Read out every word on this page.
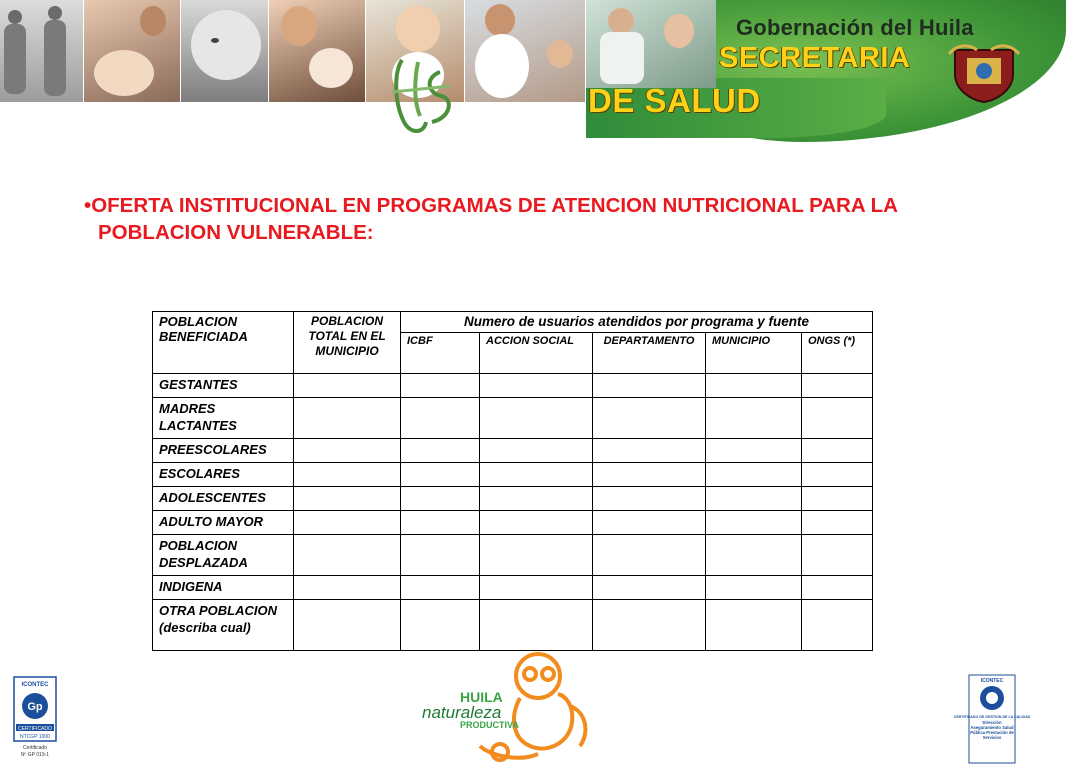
Gobernación del Huila
SECRETARIA
DE SALUD
•OFERTA INSTITUCIONAL EN PROGRAMAS DE ATENCION NUTRICIONAL PARA LA
POBLACION VULNERABLE:
POBLACION BENEFICIADA	POBLACION TOTAL EN EL MUNICIPIO	Numero de usuarios atendidos por programa y fuente				
		ICBF	ACCION SOCIAL	DEPARTAMENTO	MUNICIPIO	ONGS (*)
GESTANTES						
MADRES LACTANTES						
PREESCOLARES						
ESCOLARES						
ADOLESCENTES						
ADULTO MAYOR						
POBLACION DESPLAZADA						
INDIGENA						
OTRA POBLACION (describa cual)						
ICONTEC
Gp
CERTIFICADO
NTCGP 1000
Certificado
Nº GP 019-1
HUILA
naturaleza
PRODUCTIVA
ICONTEC
CERTIFICADO DE GESTION DE LA CALIDAD
Dirección Aseguramiento Salud Pública Prestación de Servicios
